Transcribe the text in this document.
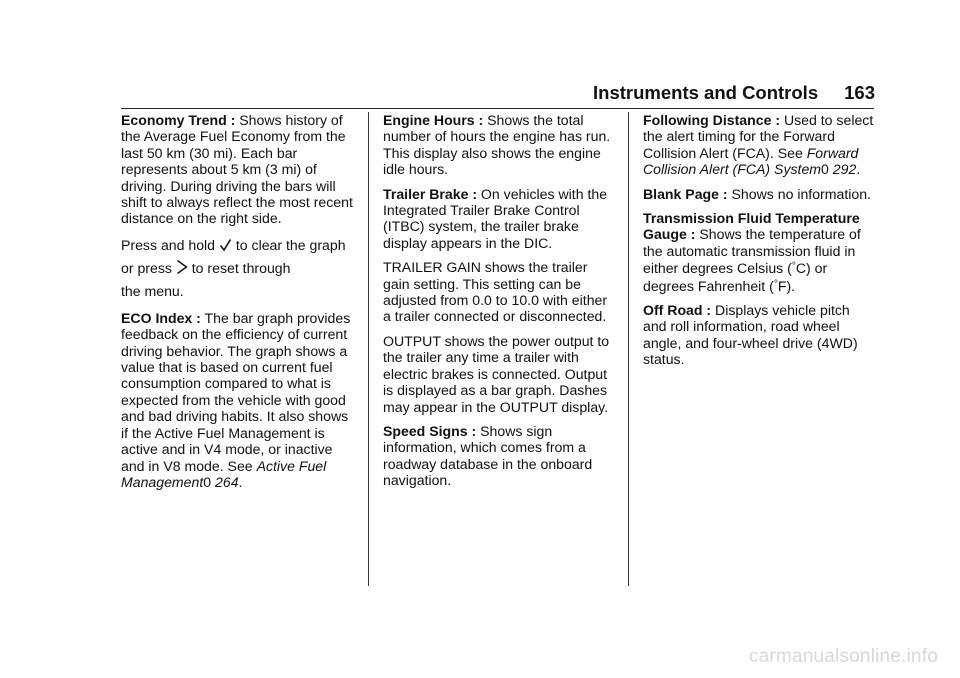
Instruments and Controls 163

Economy Trend : Shows history of the Average Fuel Economy from the last 50 km (30 mi). Each bar represents about 5 km (3 mi) of driving. During driving the bars will shift to always reflect the most recent distance on the right side.

Press and hold  to clear the graph

or press  to reset through

the menu.

ECO Index : The bar graph provides feedback on the efficiency of current driving behavior. The graph shows a value that is based on current fuel consumption compared to what is expected from the vehicle with good and bad driving habits. It also shows if the Active Fuel Management is active and in V4 mode, or inactive and in V8 mode. See Active Fuel Management0 264.

Engine Hours : Shows the total number of hours the engine has run. This display also shows the engine idle hours.

Trailer Brake : On vehicles with the Integrated Trailer Brake Control (ITBC) system, the trailer brake display appears in the DIC.

TRAILER GAIN shows the trailer gain setting. This setting can be adjusted from 0.0 to 10.0 with either a trailer connected or disconnected.

OUTPUT shows the power output to the trailer any time a trailer with electric brakes is connected. Output is displayed as a bar graph. Dashes may appear in the OUTPUT display.

Speed Signs : Shows sign information, which comes from a roadway database in the onboard navigation.

Following Distance : Used to select the alert timing for the Forward Collision Alert (FCA). See Forward Collision Alert (FCA) System0 292.

Blank Page : Shows no information.

Transmission Fluid Temperature Gauge : Shows the temperature of the automatic transmission fluid in either degrees Celsius (°C) or degrees Fahrenheit (°F).

Off Road : Displays vehicle pitch and roll information, road wheel angle, and four-wheel drive (4WD) status.

carmanualsonline.info
